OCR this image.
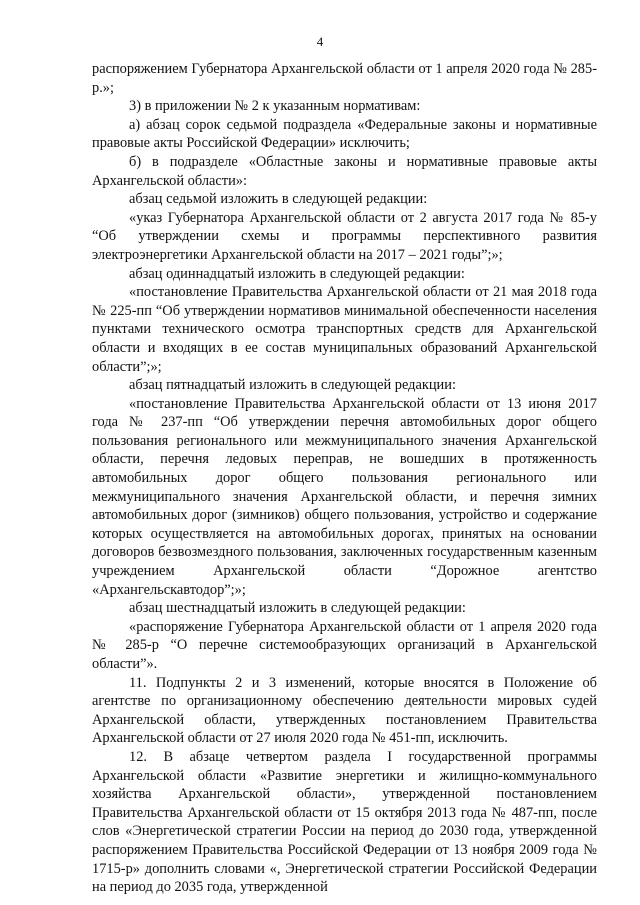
4

распоряжением Губернатора Архангельской области от 1 апреля 2020 года № 285-р.»;

3) в приложении № 2 к указанным нормативам:

а) абзац сорок седьмой подраздела «Федеральные законы и нормативные правовые акты Российской Федерации» исключить;

б) в подразделе «Областные законы и нормативные правовые акты Архангельской области»:

абзац седьмой изложить в следующей редакции:

«указ Губернатора Архангельской области от 2 августа 2017 года № 85-у “Об утверждении схемы и программы перспективного развития электроэнергетики Архангельской области на 2017 – 2021 годы”;»;

абзац одиннадцатый изложить в следующей редакции:

«постановление Правительства Архангельской области от 21 мая 2018 года № 225-пп “Об утверждении нормативов минимальной обеспеченности населения пунктами технического осмотра транспортных средств для Архангельской области и входящих в ее состав муниципальных образований Архангельской области”;»;

абзац пятнадцатый изложить в следующей редакции:

«постановление Правительства Архангельской области от 13 июня 2017 года № 237-пп “Об утверждении перечня автомобильных дорог общего пользования регионального или межмуниципального значения Архангельской области, перечня ледовых переправ, не вошедших в протяженность автомобильных дорог общего пользования регионального или межмуниципального значения Архангельской области, и перечня зимних автомобильных дорог (зимников) общего пользования, устройство и содержание которых осуществляется на автомобильных дорогах, принятых на основании договоров безвозмездного пользования, заключенных государственным казенным учреждением Архангельской области “Дорожное агентство «Архангельскавтодор”;»;

абзац шестнадцатый изложить в следующей редакции:

«распоряжение Губернатора Архангельской области от 1 апреля 2020 года № 285-р “О перечне системообразующих организаций в Архангельской области”».

11. Подпункты 2 и 3 изменений, которые вносятся в Положение об агентстве по организационному обеспечению деятельности мировых судей Архангельской области, утвержденных постановлением Правительства Архангельской области от 27 июля 2020 года № 451-пп, исключить.

12. В абзаце четвертом раздела I государственной программы Архангельской области «Развитие энергетики и жилищно-коммунального хозяйства Архангельской области», утвержденной постановлением Правительства Архангельской области от 15 октября 2013 года № 487-пп, после слов «Энергетической стратегии России на период до 2030 года, утвержденной распоряжением Правительства Российской Федерации от 13 ноября 2009 года № 1715-р» дополнить словами «, Энергетической стратегии Российской Федерации на период до 2035 года, утвержденной
